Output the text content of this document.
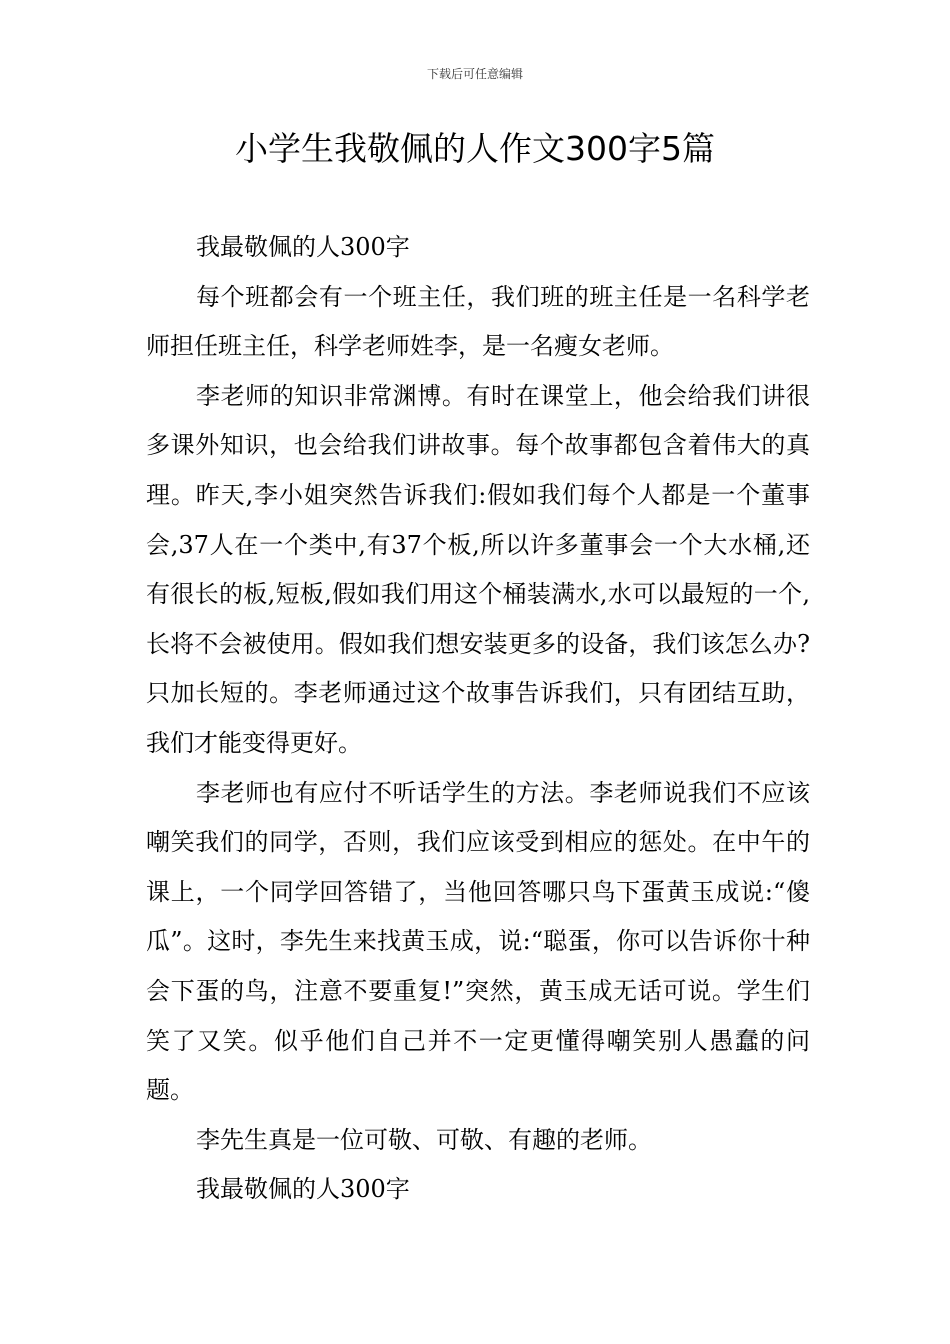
下载后可任意编辑
小学生我敬佩的人作文300字5篇

我最敬佩的人300字

每个班都会有一个班主任，我们班的班主任是一名科学老师担任班主任，科学老师姓李，是一名瘦女老师。

李老师的知识非常渊博。有时在课堂上，他会给我们讲很多课外知识，也会给我们讲故事。每个故事都包含着伟大的真理。昨天,李小姐突然告诉我们:假如我们每个人都是一个董事会,37人在一个类中,有37个板,所以许多董事会一个大水桶,还有很长的板,短板,假如我们用这个桶装满水,水可以最短的一个,长将不会被使用。假如我们想安装更多的设备，我们该怎么办?只加长短的。李老师通过这个故事告诉我们，只有团结互助，我们才能变得更好。

李老师也有应付不听话学生的方法。李老师说我们不应该嘲笑我们的同学，否则，我们应该受到相应的惩处。在中午的课上，一个同学回答错了，当他回答哪只鸟下蛋黄玉成说:“傻瓜”。这时，李先生来找黄玉成，说:“聪蛋，你可以告诉你十种会下蛋的鸟，注意不要重复!”突然，黄玉成无话可说。学生们笑了又笑。似乎他们自己并不一定更懂得嘲笑别人愚蠢的问题。

李先生真是一位可敬、可敬、有趣的老师。

我最敬佩的人300字
